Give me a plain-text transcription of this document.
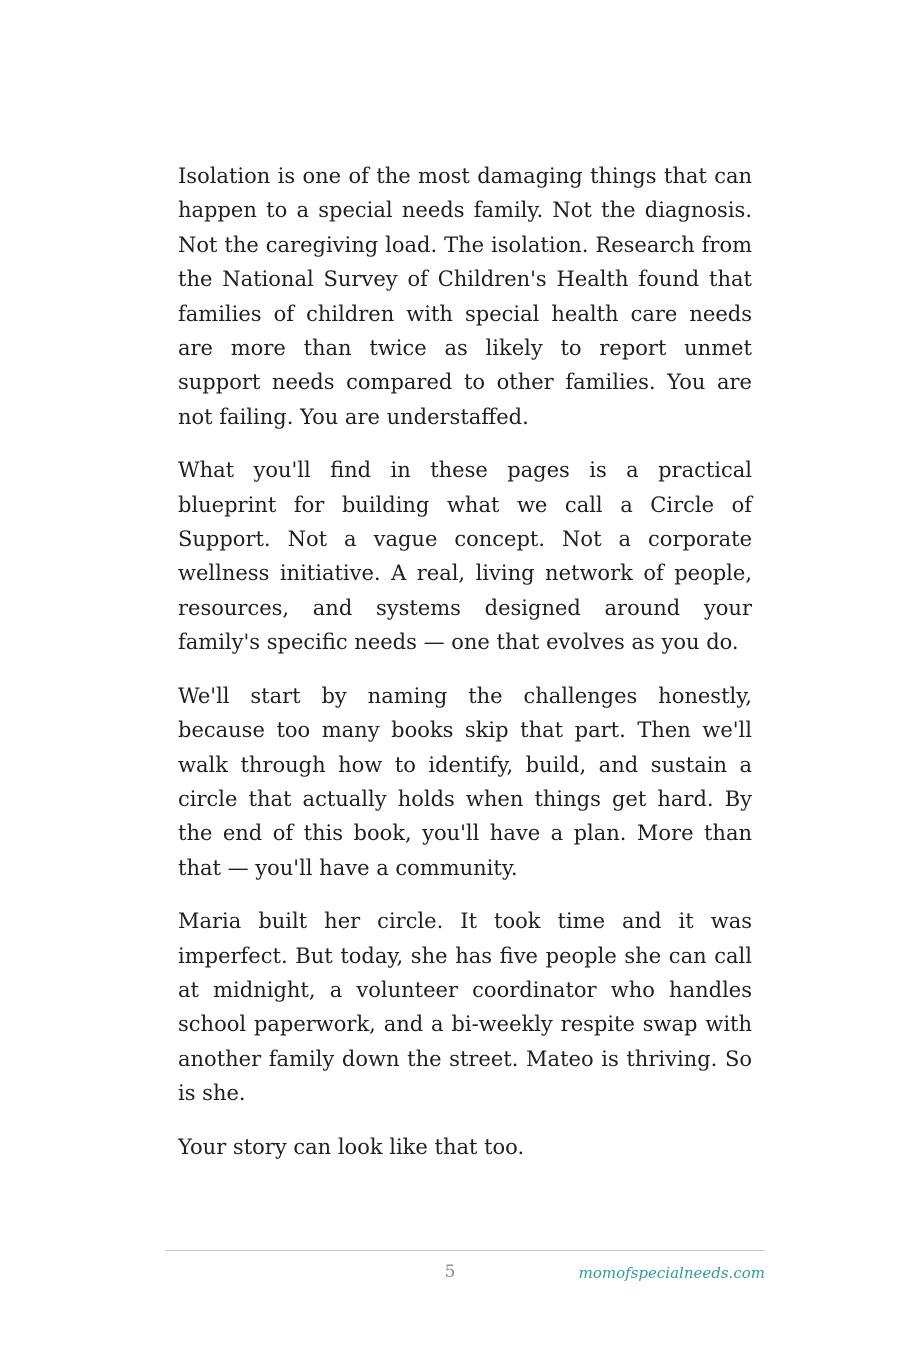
Isolation is one of the most damaging things that can happen to a special needs family. Not the diagnosis. Not the caregiving load. The isolation. Research from the National Survey of Children's Health found that families of children with special health care needs are more than twice as likely to report unmet support needs compared to other families. You are not failing. You are understaffed.

What you'll find in these pages is a practical blueprint for building what we call a Circle of Support. Not a vague concept. Not a corporate wellness initiative. A real, living network of people, resources, and systems designed around your family's specific needs — one that evolves as you do.

We'll start by naming the challenges honestly, because too many books skip that part. Then we'll walk through how to identify, build, and sustain a circle that actually holds when things get hard. By the end of this book, you'll have a plan. More than that — you'll have a community.

Maria built her circle. It took time and it was imperfect. But today, she has five people she can call at midnight, a volunteer coordinator who handles school paperwork, and a bi-weekly respite swap with another family down the street. Mateo is thriving. So is she.

Your story can look like that too.

5	momofspecialneeds.com
